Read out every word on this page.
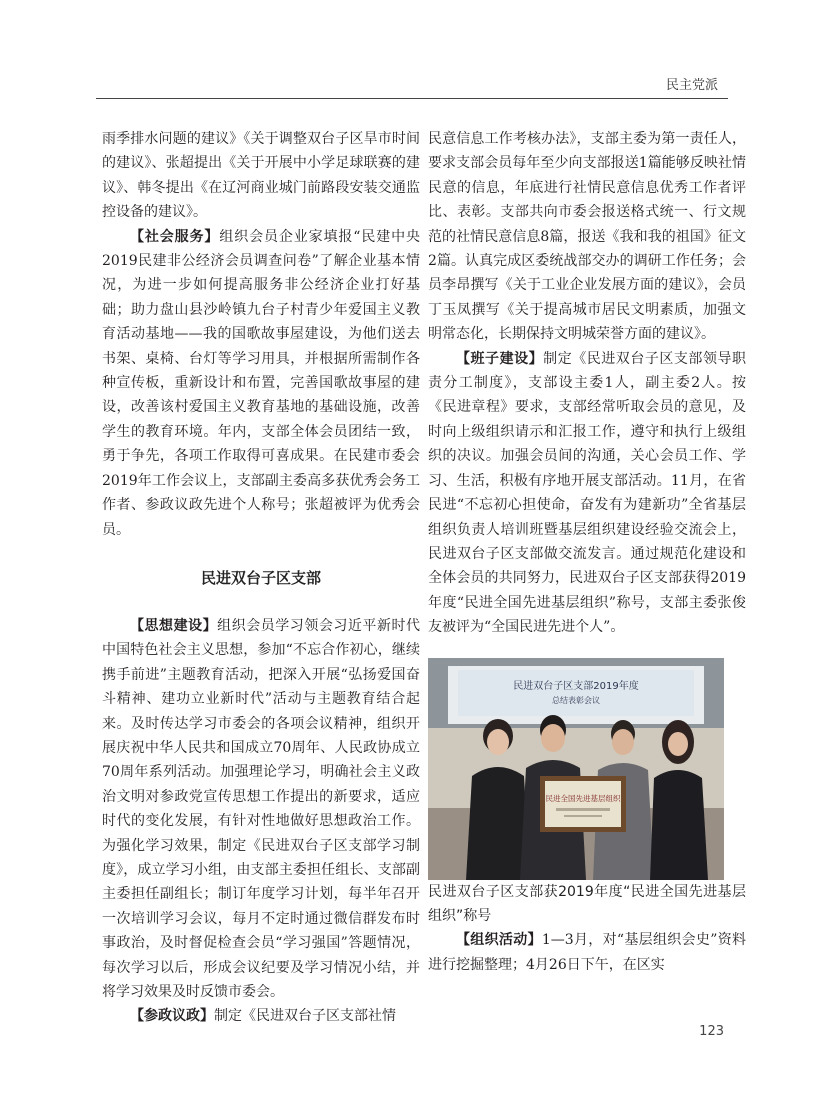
民主党派

雨季排水问题的建议》《关于调整双台子区旱市时间的建议》、张超提出《关于开展中小学足球联赛的建议》、韩冬提出《在辽河商业城门前路段安装交通监控设备的建议》。

【社会服务】组织会员企业家填报“民建中央2019民建非公经济会员调查问卷”了解企业基本情况，为进一步如何提高服务非公经济企业打好基础；助力盘山县沙岭镇九台子村青少年爱国主义教育活动基地——我的国歌故事屋建设，为他们送去书架、桌椅、台灯等学习用具，并根据所需制作各种宣传板，重新设计和布置，完善国歌故事屋的建设，改善该村爱国主义教育基地的基础设施，改善学生的教育环境。年内，支部全体会员团结一致，勇于争先，各项工作取得可喜成果。在民建市委会2019年工作会议上，支部副主委高多获优秀会务工作者、参政议政先进个人称号；张超被评为优秀会员。

民进双台子区支部

【思想建设】组织会员学习领会习近平新时代中国特色社会主义思想，参加“不忘合作初心，继续携手前进”主题教育活动，把深入开展“弘扬爱国奋斗精神、建功立业新时代”活动与主题教育结合起来。及时传达学习市委会的各项会议精神，组织开展庆祝中华人民共和国成立70周年、人民政协成立70周年系列活动。加强理论学习，明确社会主义政治文明对参政党宣传思想工作提出的新要求，适应时代的变化发展，有针对性地做好思想政治工作。为强化学习效果，制定《民进双台子区支部学习制度》，成立学习小组，由支部主委担任组长、支部副主委担任副组长；制订年度学习计划，每半年召开一次培训学习会议，每月不定时通过微信群发布时事政治，及时督促检查会员“学习强国”答题情况，每次学习以后，形成会议纪要及学习情况小结，并将学习效果及时反馈市委会。

【参政议政】制定《民进双台子区支部社情

民意信息工作考核办法》，支部主委为第一责任人，要求支部会员每年至少向支部报送1篇能够反映社情民意的信息，年底进行社情民意信息优秀工作者评比、表彰。支部共向市委会报送格式统一、行文规范的社情民意信息8篇，报送《我和我的祖国》征文2篇。认真完成区委统战部交办的调研工作任务；会员李昂撰写《关于工业企业发展方面的建议》，会员丁玉凤撰写《关于提高城市居民文明素质，加强文明常态化，长期保持文明城荣誉方面的建议》。

【班子建设】制定《民进双台子区支部领导职责分工制度》，支部设主委1人，副主委2人。按《民进章程》要求，支部经常听取会员的意见，及时向上级组织请示和汇报工作，遵守和执行上级组织的决议。加强会员间的沟通，关心会员工作、学习、生活，积极有序地开展支部活动。11月，在省民进“不忘初心担使命，奋发有为建新功”全省基层组织负责人培训班暨基层组织建设经验交流会上，民进双台子区支部做交流发言。通过规范化建设和全体会员的共同努力，民进双台子区支部获得2019年度“民进全国先进基层组织”称号，支部主委张俊友被评为“全国民进先进个人”。

民进双台子区支部2019年度
总结表彰会议
民进全国先进基层组织

民进双台子区支部获2019年度“民进全国先进基层组织”称号

【组织活动】1—3月，对“基层组织会史”资料进行挖掘整理；4月26日下午，在区实

123
